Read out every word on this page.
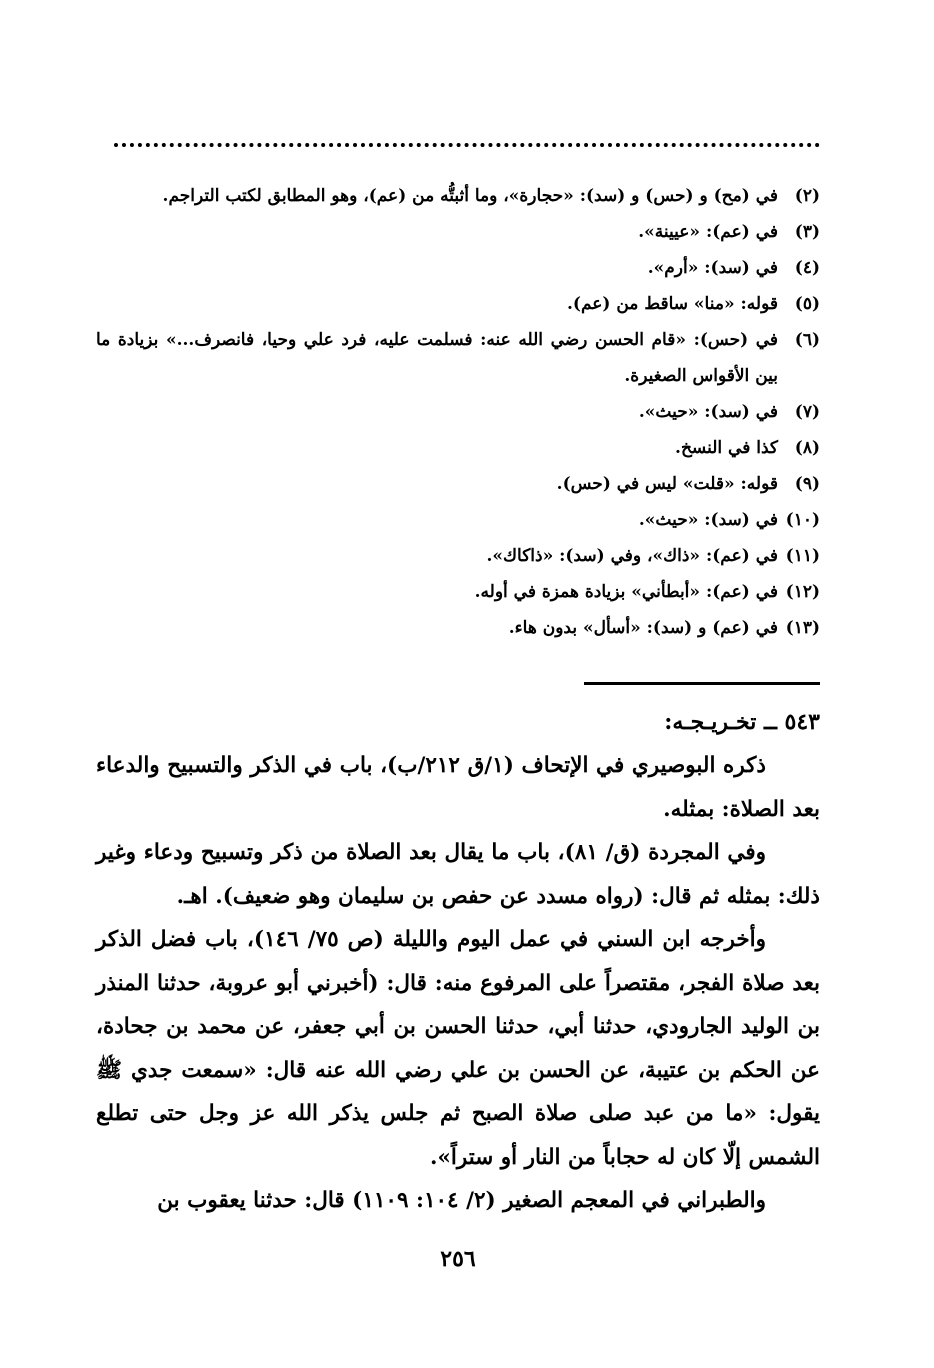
(٢)
في (مح) و (حس) و (سد): «حجارة»، وما أثبتُّه من (عم)، وهو المطابق لكتب التراجم.
(٣)
في (عم): «عيينة».
(٤)
في (سد): «أرم».
(٥)
قوله: «منا» ساقط من (عم).
(٦)
في (حس): «قام الحسن رضي الله عنه: فسلمت عليه، فرد علي وحيا، فانصرف...» بزيادة ما بين الأقواس الصغيرة.
(٧)
في (سد): «حيث».
(٨)
كذا في النسخ.
(٩)
قوله: «قلت» ليس في (حس).
(١٠)
في (سد): «حيث».
(١١)
في (عم): «ذاك»، وفي (سد): «ذاكاك».
(١٢)
في (عم): «أبطأني» بزيادة همزة في أوله.
(١٣)
في (عم) و (سد): «أسأل» بدون هاء.
٥٤٣ ــ تخـريـجـه:

ذكره البوصيري في الإتحاف (١/ق ٢١٢/ب)، باب في الذكر والتسبيح والدعاء بعد الصلاة: بمثله.

وفي المجردة (ق/ ٨١)، باب ما يقال بعد الصلاة من ذكر وتسبيح ودعاء وغير ذلك: بمثله ثم قال: (رواه مسدد عن حفص بن سليمان وهو ضعيف). اهـ.

وأخرجه ابن السني في عمل اليوم والليلة (ص ٧٥/ ١٤٦)، باب فضل الذكر بعد صلاة الفجر، مقتصراً على المرفوع منه: قال: (أخبرني أبو عروبة، حدثنا المنذر بن الوليد الجارودي، حدثنا أبي، حدثنا الحسن بن أبي جعفر، عن محمد بن جحادة، عن الحكم بن عتيبة، عن الحسن بن علي رضي الله عنه قال: «سمعت جدي ﷺ يقول: «ما من عبد صلى صلاة الصبح ثم جلس يذكر الله عز وجل حتى تطلع الشمس إلّا كان له حجاباً من النار أو ستراً».

والطبراني في المعجم الصغير (٢/ ١٠٤: ١١٠٩) قال: حدثنا يعقوب بن

٢٥٦
